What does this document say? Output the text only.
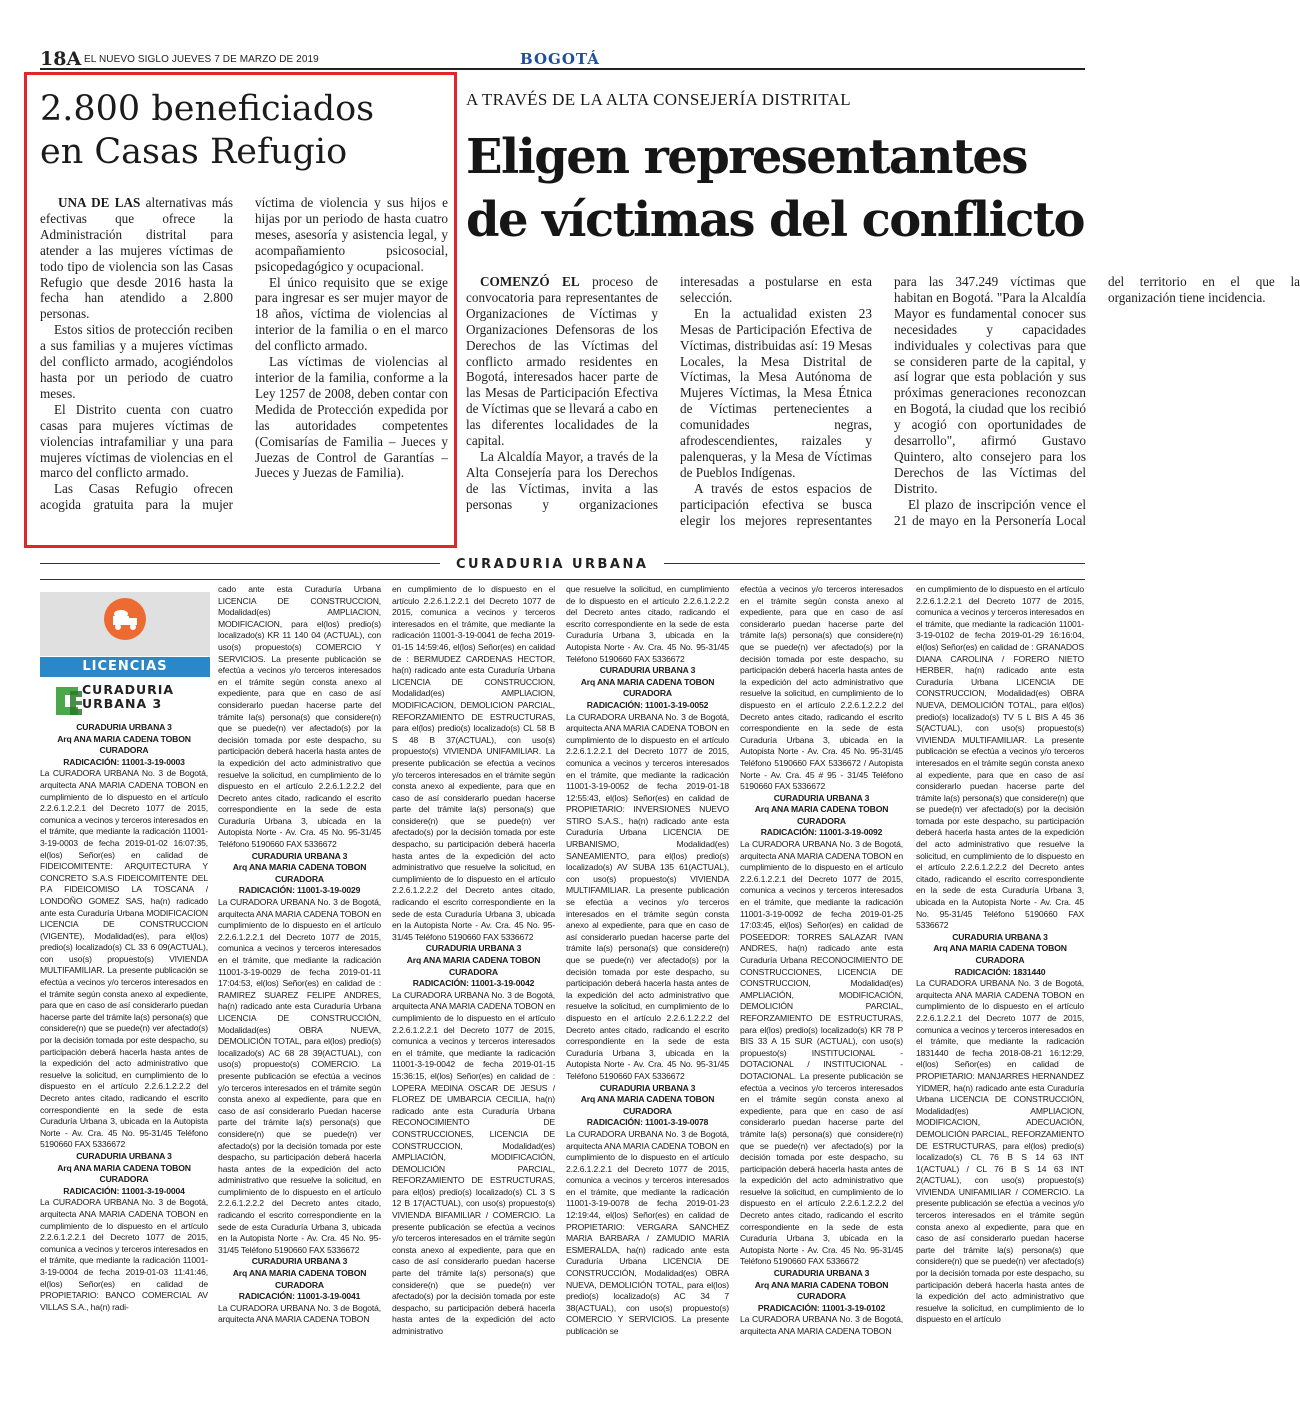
18A EL NUEVO SIGLO JUEVES 7 DE MARZO DE 2019	BOGOTÁ
2.800 beneficiados
en Casas Refugio

UNA DE LAS alternativas más efectivas que ofrece la Administración distrital para atender a las mujeres víctimas de todo tipo de violencia son las Casas Refugio que desde 2016 hasta la fecha han atendido a 2.800 personas.

Estos sitios de protección reciben a sus familias y a mujeres víctimas del conflicto armado, acogiéndolos hasta por un periodo de cuatro meses.

El Distrito cuenta con cuatro casas para mujeres víctimas de violencias intrafamiliar y una para mujeres víctimas de violencias en el marco del conflicto armado.

Las Casas Refugio ofrecen acogida gratuita para la mujer víctima de violencia y sus hijos e hijas por un periodo de hasta cuatro meses, asesoría y asistencia legal, y acompañamiento psicosocial, psicopedagógico y ocupacional.

El único requisito que se exige para ingresar es ser mujer mayor de 18 años, víctima de violencias al interior de la familia o en el marco del conflicto armado.

Las víctimas de violencias al interior de la familia, conforme a la Ley 1257 de 2008, deben contar con Medida de Protección expedida por las autoridades competentes (Comisarías de Familia – Jueces y Juezas de Control de Garantías – Jueces y Juezas de Familia).

A TRAVÉS DE LA ALTA CONSEJERÍA DISTRITAL
Eligen representantes
de víctimas del conflicto

COMENZÓ EL proceso de convocatoria para representantes de Organizaciones de Víctimas y Organizaciones Defensoras de los Derechos de las Víctimas del conflicto armado residentes en Bogotá, interesados hacer parte de las Mesas de Participación Efectiva de Víctimas que se llevará a cabo en las diferentes localidades de la capital.

La Alcaldía Mayor, a través de la Alta Consejería para los Derechos de las Víctimas, invita a las personas y organizaciones interesadas a postularse en esta selección.

En la actualidad existen 23 Mesas de Participación Efectiva de Víctimas, distribuidas así: 19 Mesas Locales, la Mesa Distrital de Víctimas, la Mesa Autónoma de Mujeres Víctimas, la Mesa Étnica de Víctimas pertenecientes a comunidades negras, afrodescendientes, raizales y palenqueras, y la Mesa de Víctimas de Pueblos Indígenas.

A través de estos espacios de participación efectiva se busca elegir los mejores representantes para las 347.249 víctimas que habitan en Bogotá. "Para la Alcaldía Mayor es fundamental conocer sus necesidades y capacidades individuales y colectivas para que se consideren parte de la capital, y así lograr que esta población y sus próximas generaciones reconozcan en Bogotá, la ciudad que los recibió y acogió con oportunidades de desarrollo", afirmó Gustavo Quintero, alto consejero para los Derechos de las Víctimas del Distrito.

El plazo de inscripción vence el 21 de mayo en la Personería Local del territorio en el que la organización tiene incidencia.

CURADURIA URBANA
LICENCIAS
CURADURIA
URBANA 3
CURADURIA URBANA 3
Arq ANA MARIA CADENA TOBON
CURADORA
RADICACIÓN: 11001-3-19-0003
La CURADORA URBANA No. 3 de Bogotá, arquitecta ANA MARIA CADENA TOBON en cumplimiento de lo dispuesto en el artículo 2.2.6.1.2.2.1 del Decreto 1077 de 2015, comunica a vecinos y terceros interesados en el trámite, que mediante la radicación 11001-3-19-0003 de fecha 2019-01-02 16:07:35, el(los) Señor(es) en calidad de FIDEICOMITENTE: ARQUITECTURA Y CONCRETO S.A.S FIDEICOMITENTE DEL P.A FIDEICOMISO LA TOSCANA / LONDOÑO GOMEZ SAS, ha(n) radicado ante esta Curaduría Urbana MODIFICACION LICENCIA DE CONSTRUCCION (VIGENTE), Modalidad(es), para el(los) predio(s) localizado(s) CL 33 6 09(ACTUAL), con uso(s) propuesto(s) VIVIENDA MULTIFAMILIAR. La presente publicación se efectúa a vecinos y/o terceros interesados en el trámite según consta anexo al expediente, para que en caso de así considerarlo puedan hacerse parte del trámite la(s) persona(s) que considere(n) que se puede(n) ver afectado(s) por la decisión tomada por este despacho, su participación deberá hacerla hasta antes de la expedición del acto administrativo que resuelve la solicitud, en cumplimiento de lo dispuesto en el artículo 2.2.6.1.2.2.2 del Decreto antes citado, radicando el escrito correspondiente en la sede de esta Curaduría Urbana 3, ubicada en la Autopista Norte - Av. Cra. 45 No. 95-31/45 Teléfono 5190660 FAX 5336672
CURADURIA URBANA 3
Arq ANA MARIA CADENA TOBON
CURADORA
RADICACIÓN: 11001-3-19-0004
La CURADORA URBANA No. 3 de Bogotá, arquitecta ANA MARIA CADENA TOBON en cumplimiento de lo dispuesto en el artículo 2.2.6.1.2.2.1 del Decreto 1077 de 2015, comunica a vecinos y terceros interesados en el trámite, que mediante la radicación 11001-3-19-0004 de fecha 2019-01-03 11:41:46, el(los) Señor(es) en calidad de PROPIETARIO: BANCO COMERCIAL AV VILLAS S.A., ha(n) radi-
cado ante esta Curaduría Urbana LICENCIA DE CONSTRUCCION, Modalidad(es) AMPLIACION, MODIFICACION, para el(los) predio(s) localizado(s) KR 11 140 04 (ACTUAL), con uso(s) propuesto(s) COMERCIO Y SERVICIOS. La presente publicación se efectúa a vecinos y/o terceros interesados en el trámite según consta anexo al expediente, para que en caso de así considerarlo puedan hacerse parte del trámite la(s) persona(s) que considere(n) que se puede(n) ver afectado(s) por la decisión tomada por este despacho, su participación deberá hacerla hasta antes de la expedición del acto administrativo que resuelve la solicitud, en cumplimiento de lo dispuesto en el artículo 2.2.6.1.2.2.2 del Decreto antes citado, radicando el escrito correspondiente en la sede de esta Curaduría Urbana 3, ubicada en la Autopista Norte - Av. Cra. 45 No. 95-31/45 Teléfono 5190660 FAX 5336672
CURADURIA URBANA 3
Arq ANA MARIA CADENA TOBON
CURADORA
RADICACIÓN: 11001-3-19-0029
La CURADORA URBANA No. 3 de Bogotá, arquitecta ANA MARIA CADENA TOBON en cumplimiento de lo dispuesto en el artículo 2.2.6.1.2.2.1 del Decreto 1077 de 2015, comunica a vecinos y terceros interesados en el trámite, que mediante la radicación 11001-3-19-0029 de fecha 2019-01-11 17:04:53, el(los) Señor(es) en calidad de : RAMIREZ SUAREZ FELIPE ANDRES, ha(n) radicado ante esta Curaduría Urbana LICENCIA DE CONSTRUCCIÓN, Modalidad(es) OBRA NUEVA, DEMOLICIÓN TOTAL, para el(los) predio(s) localizado(s) AC 68 28 39(ACTUAL), con uso(s) propuesto(s) COMERCIO. La presente publicación se efectúa a vecinos y/o terceros interesados en el trámite según consta anexo al expediente, para que en caso de así considerarlo Puedan hacerse parte del trámite la(s) persona(s) que considere(n) que se puede(n) ver afectado(s) por la decisión tomada por este despacho, su participación deberá hacerla hasta antes de la expedición del acto administrativo que resuelve la solicitud, en cumplimiento de lo dispuesto en el artículo 2.2.6.1.2.2.2 del Decreto antes citado, radicando el escrito correspondiente en la sede de esta Curaduría Urbana 3, ubicada en la Autopista Norte - Av. Cra. 45 No. 95-31/45 Teléfono 5190660 FAX 5336672
CURADURIA URBANA 3
Arq ANA MARIA CADENA TOBON
CURADORA
RADICACIÓN: 11001-3-19-0041
La CURADORA URBANA No. 3 de Bogotá, arquitecta ANA MARIA CADENA TOBON
en cumplimiento de lo dispuesto en el artículo 2.2.6.1.2.2.1 del Decreto 1077 de 2015, comunica a vecinos y terceros interesados en el trámite, que mediante la radicación 11001-3-19-0041 de fecha 2019-01-15 14:59:46, el(los) Señor(es) en calidad de : BERMUDEZ CARDENAS HECTOR, ha(n) radicado ante esta Curaduría Urbana LICENCIA DE CONSTRUCCION, Modalidad(es) AMPLIACION, MODIFICACION, DEMOLICION PARCIAL, REFORZAMIENTO DE ESTRUCTURAS, para el(los) predio(s) localizado(s) CL 58 B S 48 B 37(ACTUAL), con uso(s) propuesto(s) VIVIENDA UNIFAMILIAR. La presente publicación se efectúa a vecinos y/o terceros interesados en el trámite según consta anexo al expediente, para que en caso de así considerarlo puedan hacerse parte del trámite la(s) persona(s) que considere(n) que se puede(n) ver afectado(s) por la decisión tomada por este despacho, su participación deberá hacerla hasta antes de la expedición del acto administrativo que resuelve la solicitud, en cumplimiento de lo dispuesto en el artículo 2.2.6.1.2.2.2 del Decreto antes citado, radicando el escrito correspondiente en la sede de esta Curaduría Urbana 3, ubicada en la Autopista Norte - Av. Cra. 45 No. 95-31/45 Teléfono 5190660 FAX 5336672
CURADURIA URBANA 3
Arq ANA MARIA CADENA TOBON
CURADORA
RADICACIÓN: 11001-3-19-0042
La CURADORA URBANA No. 3 de Bogotá, arquitecta ANA MARIA CADENA TOBON en cumplimiento de lo dispuesto en el artículo 2.2.6.1.2.2.1 del Decreto 1077 de 2015, comunica a vecinos y terceros interesados en el trámite, que mediante la radicación 11001-3-19-0042 de fecha 2019-01-15 15:36:15, el(los) Señor(es) en calidad de : LOPERA MEDINA OSCAR DE JESUS / FLOREZ DE UMBARCIA CECILIA, ha(n) radicado ante esta Curaduría Urbana RECONOCIMIENTO DE CONSTRUCCIONES, LICENCIA DE CONSTRUCCION, Modalidad(es) AMPLIACIÓN, MODIFICACIÓN, DEMOLICIÓN PARCIAL, REFORZAMIENTO DE ESTRUCTURAS, para el(los) predio(s) localizado(s) CL 3 S 12 B 17(ACTUAL), con uso(s) propuesto(s) VIVIENDA BIFAMILIAR / COMERCIO. La presente publicación se efectúa a vecinos y/o terceros interesados en el trámite según consta anexo al expediente, para que en caso de así considerarlo puedan hacerse parte del trámite la(s) persona(s) que considere(n) que se puede(n) ver afectado(s) por la decisión tomada por este despacho, su participación deberá hacerla hasta antes de la expedición del acto administrativo
que resuelve la solicitud, en cumplimiento de lo dispuesto en el artículo 2.2.6.1.2.2.2 del Decreto antes citado, radicando el escrito correspondiente en la sede de esta Curaduría Urbana 3, ubicada en la Autopista Norte - Av. Cra. 45 No. 95-31/45 Teléfono 5190660 FAX 5336672
CURADURIA URBANA 3
Arq ANA MARIA CADENA TOBON
CURADORA
RADICACIÓN: 11001-3-19-0052
La CURADORA URBANA No. 3 de Bogotá, arquitecta ANA MARIA CADENA TOBON en cumplimiento de lo dispuesto en el artículo 2.2.6.1.2.2.1 del Decreto 1077 de 2015, comunica a vecinos y terceros interesados en el trámite, que mediante la radicación 11001-3-19-0052 de fecha 2019-01-18 12:55:43, el(los) Señor(es) en calidad de PROPIETARIO: INVERSIONES NUEVO STIRO S.A.S., ha(n) radicado ante esta Curaduría Urbana LICENCIA DE URBANISMO, Modalidad(es) SANEAMIENTO, para el(los) predio(s) localizado(s) AV SUBA 135 61(ACTUAL), con uso(s) propuesto(s) VIVIENDA MULTIFAMILIAR. La presente publicación se efectúa a vecinos y/o terceros interesados en el trámite según consta anexo al expediente, para que en caso de así considerarlo puedan hacerse parte del trámite la(s) persona(s) que considere(n) que se puede(n) ver afectado(s) por la decisión tomada por este despacho, su participación deberá hacerla hasta antes de la expedición del acto administrativo que resuelve la solicitud, en cumplimiento de lo dispuesto en el artículo 2.2.6.1.2.2.2 del Decreto antes citado, radicando el escrito correspondiente en la sede de esta Curaduría Urbana 3, ubicada en la Autopista Norte - Av. Cra. 45 No. 95-31/45 Teléfono 5190660 FAX 5336672
CURADURIA URBANA 3
Arq ANA MARIA CADENA TOBON
CURADORA
RADICACIÓN: 11001-3-19-0078
La CURADORA URBANA No. 3 de Bogotá, arquitecta ANA MARIA CADENA TOBON en cumplimiento de lo dispuesto en el artículo 2.2.6.1.2.2.1 del Decreto 1077 de 2015, comunica a vecinos y terceros interesados en el trámite, que mediante la radicación 11001-3-19-0078 de fecha 2019-01-23 12:19:44, el(los) Señor(es) en calidad de PROPIETARIO: VERGARA SANCHEZ MARIA BARBARA / ZAMUDIO MARIA ESMERALDA, ha(n) radicado ante esta Curaduría Urbana LICENCIA DE CONSTRUCCIÓN, Modalidad(es) OBRA NUEVA, DEMOLICIÓN TOTAL, para el(los) predio(s) localizado(s) AC 34 7 38(ACTUAL), con uso(s) propuesto(s) COMERCIO Y SERVICIOS. La presente publicación se
efectúa a vecinos y/o terceros interesados en el trámite según consta anexo al expediente, para que en caso de así considerarlo puedan hacerse parte del trámite la(s) persona(s) que considere(n) que se puede(n) ver afectado(s) por la decisión tomada por este despacho, su participación deberá hacerla hasta antes de la expedición del acto administrativo que resuelve la solicitud, en cumplimiento de lo dispuesto en el artículo 2.2.6.1.2.2.2 del Decreto antes citado, radicando el escrito correspondiente en la sede de esta Curaduría Urbana 3, ubicada en la Autopista Norte - Av. Cra. 45 No. 95-31/45 Teléfono 5190660 FAX 5336672 / Autopista Norte - Av. Cra. 45 # 95 - 31/45 Teléfono 5190660 FAX 5336672
CURADURIA URBANA 3
Arq ANA MARIA CADENA TOBON
CURADORA
RADICACIÓN: 11001-3-19-0092
La CURADORA URBANA No. 3 de Bogotá, arquitecta ANA MARIA CADENA TOBON en cumplimiento de lo dispuesto en el artículo 2.2.6.1.2.2.1 del Decreto 1077 de 2015, comunica a vecinos y terceros interesados en el trámite, que mediante la radicación 11001-3-19-0092 de fecha 2019-01-25 17:03:45, el(los) Señor(es) en calidad de POSEEDOR: TORRES SALAZAR IVAN ANDRES, ha(n) radicado ante esta Curaduría Urbana RECONOCIMIENTO DE CONSTRUCCIONES, LICENCIA DE CONSTRUCCION, Modalidad(es) AMPLIACIÓN, MODIFICACIÓN, DEMOLICIÓN PARCIAL, REFORZAMIENTO DE ESTRUCTURAS, para el(los) predio(s) localizado(s) KR 78 P BIS 33 A 15 SUR (ACTUAL), con uso(s) propuesto(s) INSTITUCIONAL - DOTACIONAL / INSTITUCIONAL - DOTACIONAL. La presente publicación se efectúa a vecinos y/o terceros interesados en el trámite según consta anexo al expediente, para que en caso de así considerarlo puedan hacerse parte del trámite la(s) persona(s) que considere(n) que se puede(n) ver afectado(s) por la decisión tomada por este despacho, su participación deberá hacerla hasta antes de la expedición del acto administrativo que resuelve la solicitud, en cumplimiento de lo dispuesto en el artículo 2.2.6.1.2.2.2 del Decreto antes citado, radicando el escrito correspondiente en la sede de esta Curaduría Urbana 3, ubicada en la Autopista Norte - Av. Cra. 45 No. 95-31/45 Teléfono 5190660 FAX 5336672
CURADURIA URBANA 3
Arq ANA MARIA CADENA TOBON
CURADORA
PRADICACIÓN: 11001-3-19-0102
La CURADORA URBANA No. 3 de Bogotá, arquitecta ANA MARIA CADENA TOBON
en cumplimiento de lo dispuesto en el artículo 2.2.6.1.2.2.1 del Decreto 1077 de 2015, comunica a vecinos y terceros interesados en el trámite, que mediante la radicación 11001-3-19-0102 de fecha 2019-01-29 16:16:04, el(los) Señor(es) en calidad de : GRANADOS DIANA CAROLINA / FORERO NIETO HERBER, ha(n) radicado ante esta Curaduría Urbana LICENCIA DE CONSTRUCCION, Modalidad(es) OBRA NUEVA, DEMOLICIÓN TOTAL, para el(los) predio(s) localizado(s) TV 5 L BIS A 45 36 S(ACTUAL), con uso(s) propuesto(s) VIVIENDA MULTIFAMILIAR. La presente publicación se efectúa a vecinos y/o terceros interesados en el trámite según consta anexo al expediente, para que en caso de así considerarlo puedan hacerse parte del trámite la(s) persona(s) que considere(n) que se puede(n) ver afectado(s) por la decisión tomada por este despacho, su participación deberá hacerla hasta antes de la expedición del acto administrativo que resuelve la solicitud, en cumplimiento de lo dispuesto en el artículo 2.2.6.1.2.2.2 del Decreto antes citado, radicando el escrito correspondiente en la sede de esta Curaduría Urbana 3, ubicada en la Autopista Norte - Av. Cra. 45 No. 95-31/45 Teléfono 5190660 FAX 5336672
CURADURIA URBANA 3
Arq ANA MARIA CADENA TOBON
CURADORA
RADICACIÓN: 1831440
La CURADORA URBANA No. 3 de Bogotá, arquitecta ANA MARIA CADENA TOBON en cumplimiento de lo dispuesto en el artículo 2.2.6.1.2.2.1 del Decreto 1077 de 2015, comunica a vecinos y terceros interesados en el trámite, que mediante la radicación 1831440 de fecha 2018-08-21 16:12:29, el(los) Señor(es) en calidad de PROPIETARIO: MANJARRES HERNANDEZ YIDMER, ha(n) radicado ante esta Curaduría Urbana LICENCIA DE CONSTRUCCIÓN, Modalidad(es) AMPLIACION, MODIFICACION, ADECUACIÓN, DEMOLICIÓN PARCIAL, REFORZAMIENTO DE ESTRUCTURAS, para el(los) predio(s) localizado(s) CL 76 B S 14 63 INT 1(ACTUAL) / CL 76 B S 14 63 INT 2(ACTUAL), con uso(s) propuesto(s) VIVIENDA UNIFAMILIAR / COMERCIO. La presente publicación se efectúa a vecinos y/o terceros interesados en el trámite según consta anexo al expediente, para que en caso de así considerarlo puedan hacerse parte del trámite la(s) persona(s) que considere(n) que se puede(n) ver afectado(s) por la decisión tomada por este despacho, su participación deberá hacerla hasta antes de la expedición del acto administrativo que resuelve la solicitud, en cumplimiento de lo dispuesto en el artículo
